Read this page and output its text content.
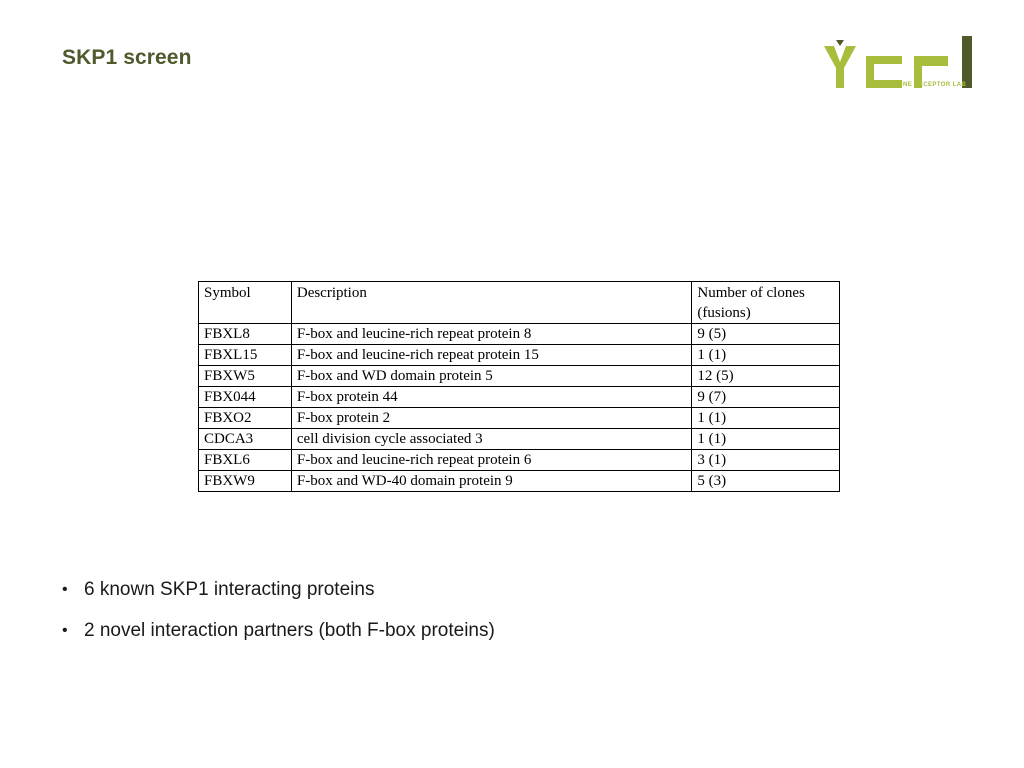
SKP1 screen
CYTOKINE RECEPTOR LAB
Symbol	Description	Number of clones (fusions)
FBXL8	F-box and leucine-rich repeat protein 8	9 (5)
FBXL15	F-box and leucine-rich repeat protein 15	1 (1)
FBXW5	F-box and WD domain protein 5	12 (5)
FBX044	F-box protein 44	9 (7)
FBXO2	F-box protein 2	1 (1)
CDCA3	cell division cycle associated 3	1 (1)
FBXL6	F-box and leucine-rich repeat protein 6	3 (1)
FBXW9	F-box and WD-40 domain protein 9	5 (3)
• 6 known SKP1 interacting proteins
• 2 novel interaction partners (both F-box proteins)
